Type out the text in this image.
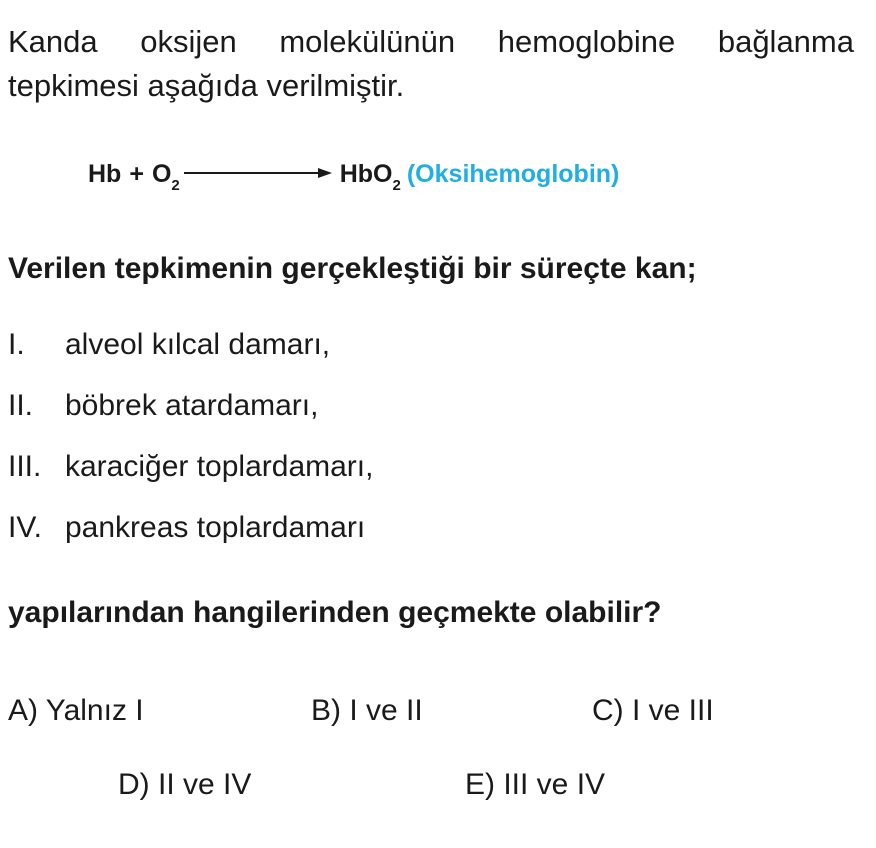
Kanda oksijen molekülünün hemoglobine bağlanma
tepkimesi aşağıda verilmiştir.

$Hb + O_2$	HbO$_2$ (Oksihemoglobin)

Verilen tepkimenin gerçekleştiği bir süreçte kan;

I.	alveol kılcal damarı,
II.	böbrek atardamarı,
III. karaciğer toplardamarı,
IV. pankreas toplardamarı

yapılarından hangilerinden geçmekte olabilir?

A) Yalnız I	B) I ve II	C) I ve III
D) II ve IV	E) III ve IV
